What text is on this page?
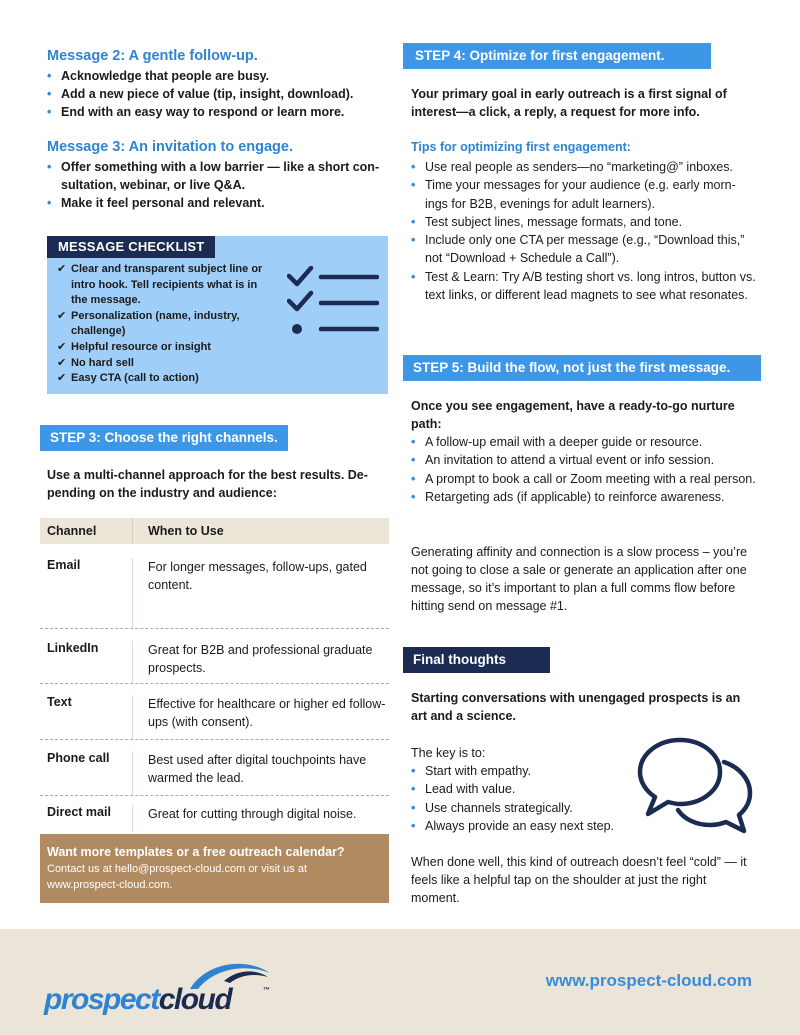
Message 2: A gentle follow-up.
• Acknowledge that people are busy.
• Add a new piece of value (tip, insight, download).
• End with an easy way to respond or learn more.
Message 3: An invitation to engage.
• Offer something with a low barrier — like a short con-sultation, webinar, or live Q&A.
• Make it feel personal and relevant.
MESSAGE CHECKLIST
✔ Clear and transparent subject line or intro hook. Tell recipients what is in the message.
✔ Personalization (name, industry, challenge)
✔ Helpful resource or insight
✔ No hard sell
✔ Easy CTA (call to action)
STEP 3: Choose the right channels.
Use a multi-channel approach for the best results. De-pending on the industry and audience:
Channel	When to Use
Email	For longer messages, follow-ups, gated content.
LinkedIn	Great for B2B and professional graduate prospects.
Text	Effective for healthcare or higher ed follow-ups (with consent).
Phone call	Best used after digital touchpoints have warmed the lead.
Direct mail	Great for cutting through digital noise.
Want more templates or a free outreach calendar?
Contact us at hello@prospect-cloud.com or visit us at www.prospect-cloud.com.
STEP 4: Optimize for first engagement.
Your primary goal in early outreach is a first signal of interest—a click, a reply, a request for more info.
Tips for optimizing first engagement:
• Use real people as senders—no “marketing@” inboxes.
• Time your messages for your audience (e.g. early morn-ings for B2B, evenings for adult learners).
• Test subject lines, message formats, and tone.
• Include only one CTA per message (e.g., “Download this,” not “Download + Schedule a Call”).
• Test & Learn: Try A/B testing short vs. long intros, button vs. text links, or different lead magnets to see what resonates.
STEP 5: Build the flow, not just the first message.
Once you see engagement, have a ready-to-go nurture path:
• A follow-up email with a deeper guide or resource.
• An invitation to attend a virtual event or info session.
• A prompt to book a call or Zoom meeting with a real person.
• Retargeting ads (if applicable) to reinforce awareness.
Generating affinity and connection is a slow process – you’re not going to close a sale or generate an application after one message, so it’s important to plan a full comms flow before hitting send on message #1.
Final thoughts
Starting conversations with unengaged prospects is an art and a science.
The key is to:
• Start with empathy.
• Lead with value.
• Use channels strategically.
• Always provide an easy next step.
When done well, this kind of outreach doesn’t feel “cold” — it feels like a helpful tap on the shoulder at just the right moment.
prospectcloud	™
www.prospect-cloud.com
